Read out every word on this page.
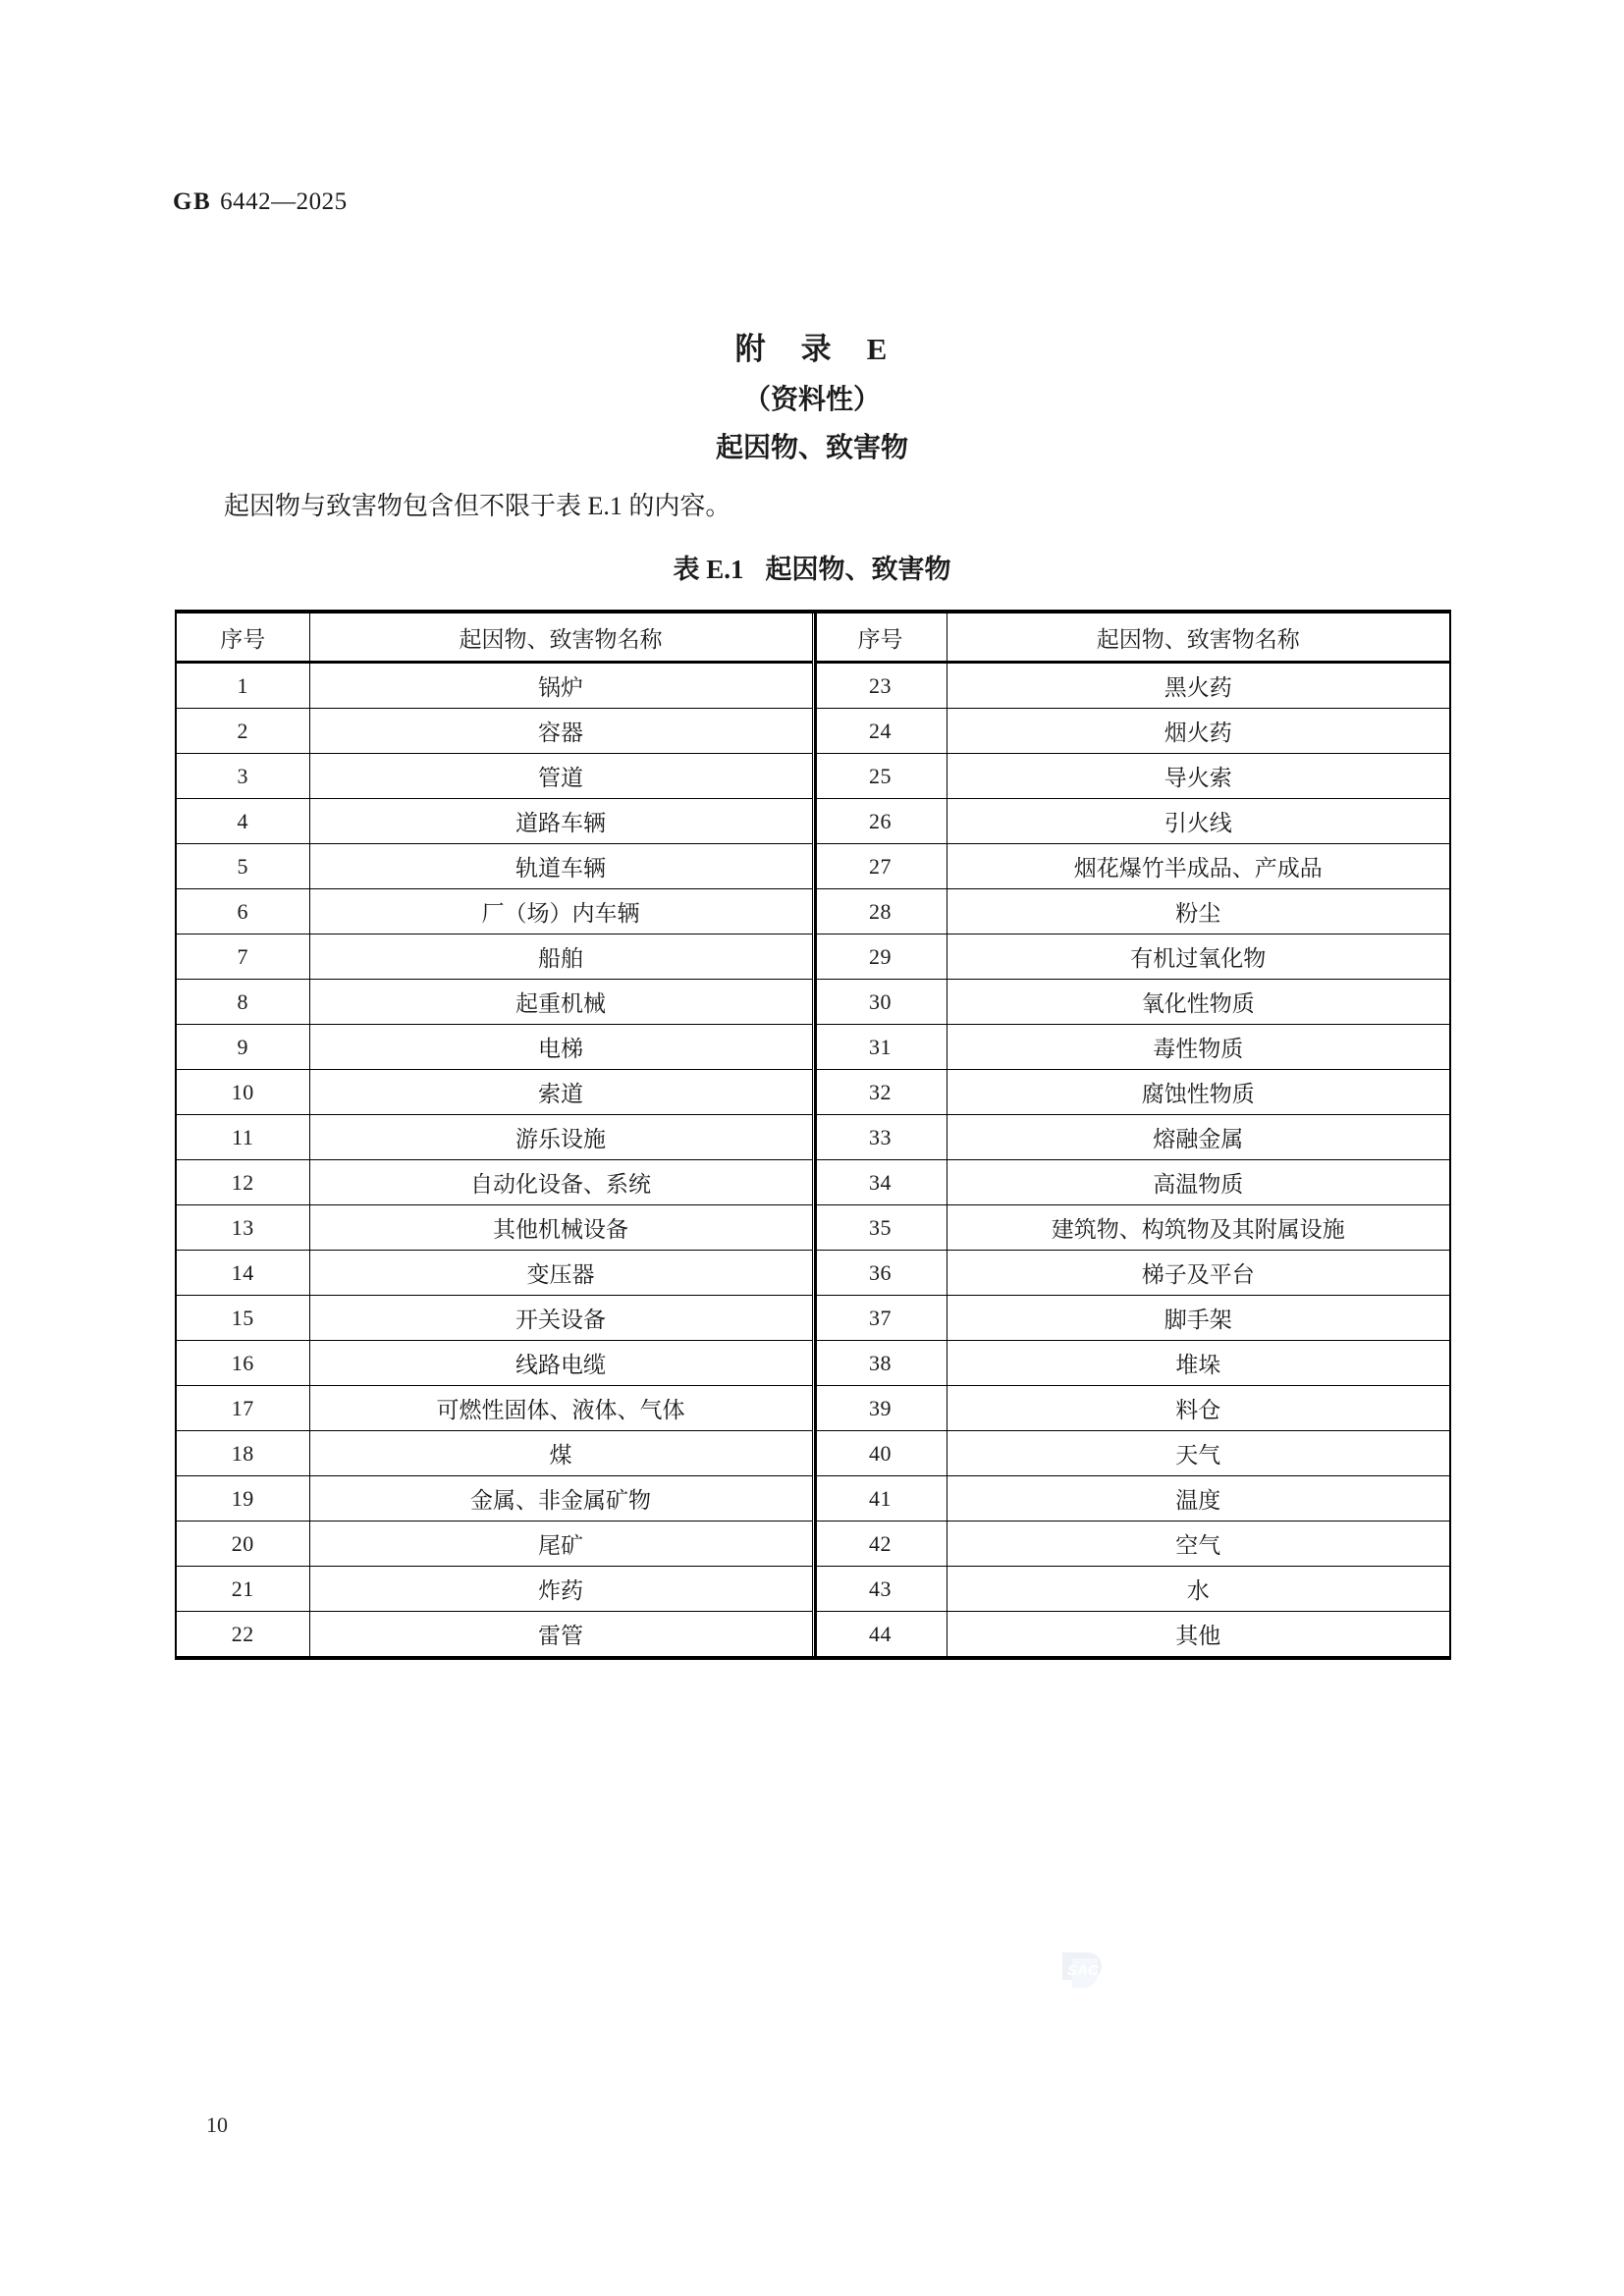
GB 6442—2025
附 录 E
（资料性）
起因物、致害物
起因物与致害物包含但不限于表 E.1 的内容。
表 E.1 起因物、致害物
序号	起因物、致害物名称	序号	起因物、致害物名称
1	锅炉	23	黑火药
2	容器	24	烟火药
3	管道	25	导火索
4	道路车辆	26	引火线
5	轨道车辆	27	烟花爆竹半成品、产成品
6	厂（场）内车辆	28	粉尘
7	船舶	29	有机过氧化物
8	起重机械	30	氧化性物质
9	电梯	31	毒性物质
10	索道	32	腐蚀性物质
11	游乐设施	33	熔融金属
12	自动化设备、系统	34	高温物质
13	其他机械设备	35	建筑物、构筑物及其附属设施
14	变压器	36	梯子及平台
15	开关设备	37	脚手架
16	线路电缆	38	堆垛
17	可燃性固体、液体、气体	39	料仓
18	煤	40	天气
19	金属、非金属矿物	41	温度
20	尾矿	42	空气
21	炸药	43	水
22	雷管	44	其他
SAC
10
